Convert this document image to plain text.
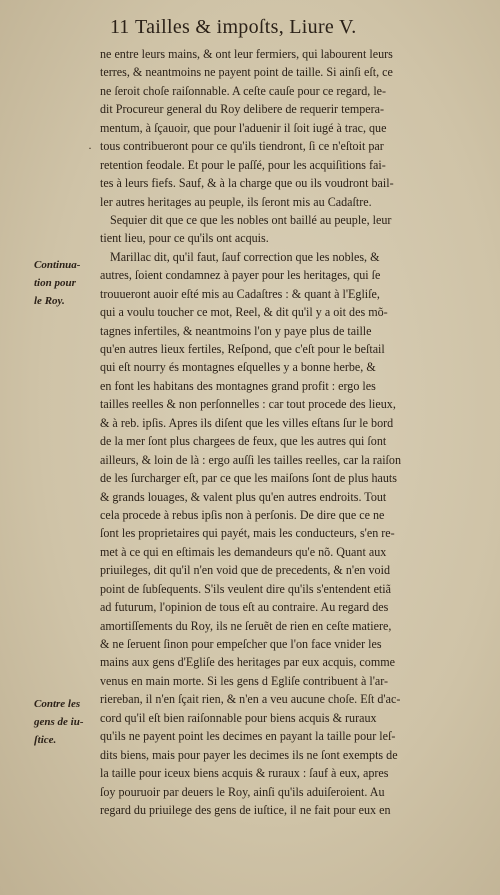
11 Tailles & impoſts, Liure V.
·
Continua-
tion pour
le Roy.
Contre les
gens de iu-
ſtice.
ne entre leurs mains, & ont leur fermiers, qui labourent leurs
terres, & neantmoins ne payent point de taille. Si ainſi eſt, ce
ne ſeroit choſe raiſonnable. A ceſte cauſe pour ce regard, le-
dit Procureur general du Roy delibere de requerir tempera-
mentum, à ſçauoir, que pour l'aduenir il ſoit iugé à trac, que
tous contribueront pour ce qu'ils tiendront, ſi ce n'eſtoit par
retention feodale. Et pour le paſſé, pour les acquiſitions fai-
tes à leurs fiefs. Sauf, & à la charge que ou ils voudront bail-
ler autres heritages au peuple, ils ſeront mis au Cadaſtre.
Sequier dit que ce que les nobles ont baillé au peuple, leur
tient lieu, pour ce qu'ils ont acquis.
Marillac dit, qu'il faut, ſauf correction que les nobles, &
autres, ſoient condamnez à payer pour les heritages, qui ſe
trouueront auoir eſté mis au Cadaſtres : & quant à l'Egliſe,
qui a voulu toucher ce mot, Reel, & dit qu'il y a oit des mõ-
tagnes infertiles, & neantmoins l'on y paye plus de taille
qu'en autres lieux fertiles, Reſpond, que c'eſt pour le beſtail
qui eſt nourry és montagnes eſquelles y a bonne herbe, &
en font les habitans des montagnes grand profit : ergo les
tailles reelles & non perſonnelles : car tout procede des lieux,
& à reb. ipſis. Apres ils diſent que les villes eſtans ſur le bord
de la mer ſont plus chargees de feux, que les autres qui ſont
ailleurs, & loin de là : ergo auſſi les tailles reelles, car la raiſon
de les ſurcharger eſt, par ce que les maiſons ſont de plus hauts
& grands louages, & valent plus qu'en autres endroits. Tout
cela procede à rebus ipſis non à perſonis. De dire que ce ne
ſont les proprietaires qui payét, mais les conducteurs, s'en re-
met à ce qui en eſtimais les demandeurs qu'e nõ. Quant aux
priuileges, dit qu'il n'en void que de precedents, & n'en void
point de ſubſequents. S'ils veulent dire qu'ils s'entendent etiã
ad futurum, l'opinion de tous eſt au contraire. Au regard des
amortiſſements du Roy, ils ne ſeruẽt de rien en ceſte matiere,
& ne ſeruent ſinon pour empeſcher que l'on face vnider les
mains aux gens d'Egliſe des heritages par eux acquis, comme
venus en main morte. Si les gens d Egliſe contribuent à l'ar-
riereban, il n'en ſçait rien, & n'en a veu aucune choſe. Eſt d'ac-
cord qu'il eſt bien raiſonnable pour biens acquis & ruraux
qu'ils ne payent point les decimes en payant la taille pour leſ-
dits biens, mais pour payer les decimes ils ne ſont exempts de
la taille pour iceux biens acquis & ruraux : ſauf à eux, apres
ſoy pouruoir par deuers le Roy, ainſi qu'ils aduiſeroient. Au
regard du priuilege des gens de iuſtice, il ne fait pour eux en
